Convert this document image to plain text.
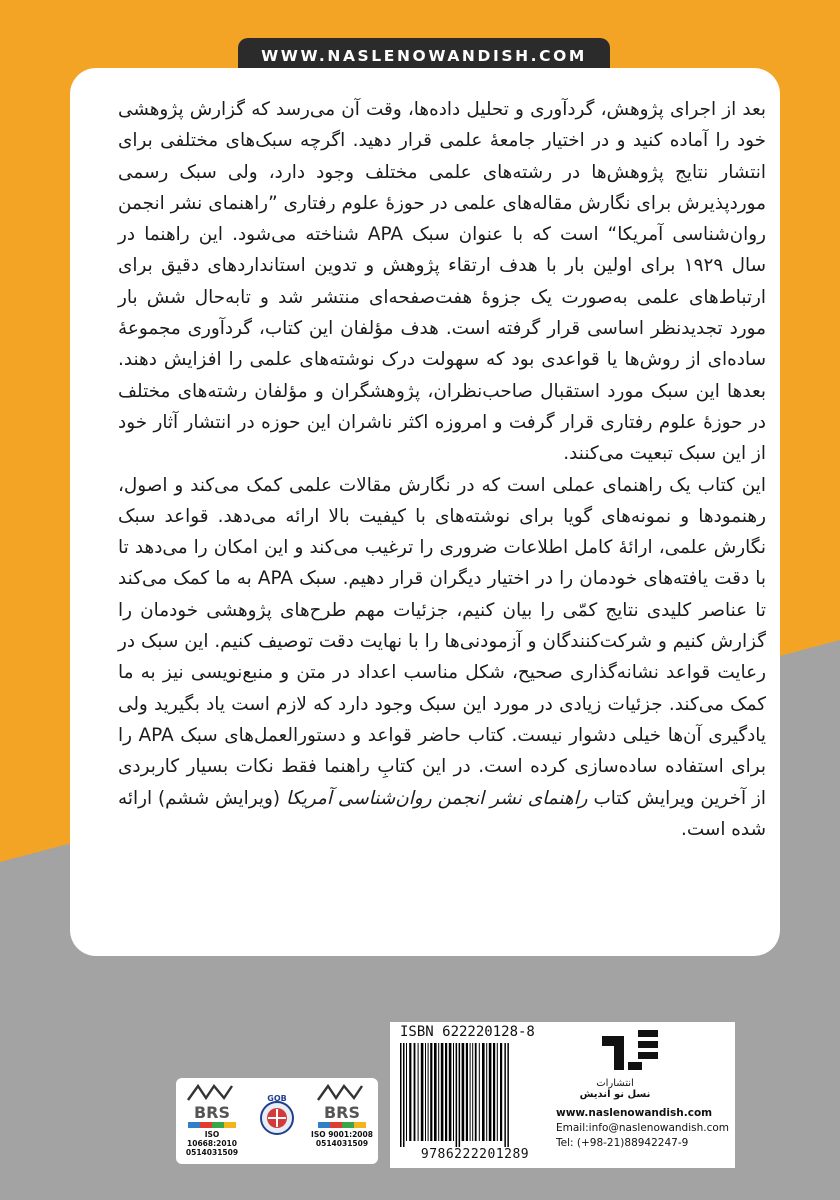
WWW.NASLENOWANDISH.COM

بعد از اجرای پژوهش، گردآوری و تحلیل داده‌ها، وقت آن می‌رسد که گزارش پژوهشی خود را آماده کنید و در اختیار جامعهٔ علمی قرار دهید. اگرچه سبک‌های مختلفی برای انتشار نتایج پژوهش‌ها در رشته‌های علمی مختلف وجود دارد، ولی سبک رسمی موردپذیرش برای نگارش مقاله‌های علمی در حوزهٔ علوم رفتاری ”راهنمای نشر انجمن روان‌شناسی آمریکا“ است که با عنوان سبک APA شناخته می‌شود. این راهنما در سال ۱۹۲۹ برای اولین بار با هدف ارتقاء پژوهش و تدوین استانداردهای دقیق برای ارتباط‌های علمی به‌صورت یک جزوهٔ هفت‌صفحه‌ای منتشر شد و تابه‌حال شش بار مورد تجدیدنظر اساسی قرار گرفته است. هدف مؤلفان این کتاب، گردآوری مجموعهٔ ساده‌ای از روش‌ها یا قواعدی بود که سهولت درک نوشته‌های علمی را افزایش دهند. بعدها این سبک مورد استقبال صاحب‌نظران، پژوهشگران و مؤلفان رشته‌های مختلف در حوزهٔ علوم رفتاری قرار گرفت و امروزه اکثر ناشران این حوزه در انتشار آثار خود از این سبک تبعیت می‌کنند.

این کتاب یک راهنمای عملی است که در نگارش مقالات علمی کمک می‌کند و اصول، رهنمودها و نمونه‌های گویا برای نوشته‌های با کیفیت بالا ارائه می‌دهد. قواعد سبک نگارش علمی، ارائهٔ کامل اطلاعات ضروری را ترغیب می‌کند و این امکان را می‌دهد تا با دقت یافته‌های خودمان را در اختیار دیگران قرار دهیم. سبک APA به ما کمک می‌کند تا عناصر کلیدی نتایج کمّی را بیان کنیم، جزئیات مهم طرح‌های پژوهشی خودمان را گزارش کنیم و شرکت‌کنندگان و آزمودنی‌ها را با نهایت دقت توصیف کنیم. این سبک در رعایت قواعد نشانه‌گذاری صحیح، شکل مناسب اعداد در متن و منبع‌نویسی نیز به ما کمک می‌کند. جزئیات زیادی در مورد این سبک وجود دارد که لازم است یاد بگیرید ولی یادگیری آن‌ها خیلی دشوار نیست. کتاب حاضر قواعد و دستورالعمل‌های سبک APA را برای استفاده ساده‌سازی کرده است. در این کتابِ راهنما فقط نکات بسیار کاربردی از آخرین ویرایش کتاب راهنمای نشر انجمن روان‌شناسی آمریکا (ویرایش ششم) ارائه شده است.

BRS
ISO 10668:2010
0514031509
GOB
BRS
ISO 9001:2008
0514031509
ISBN 622220128-8
9786222201289
انتشارات
نسل نو اندیش
www.naslenowandish.com
Email:info@naslenowandish.com
Tel: (+98-21)88942247-9
